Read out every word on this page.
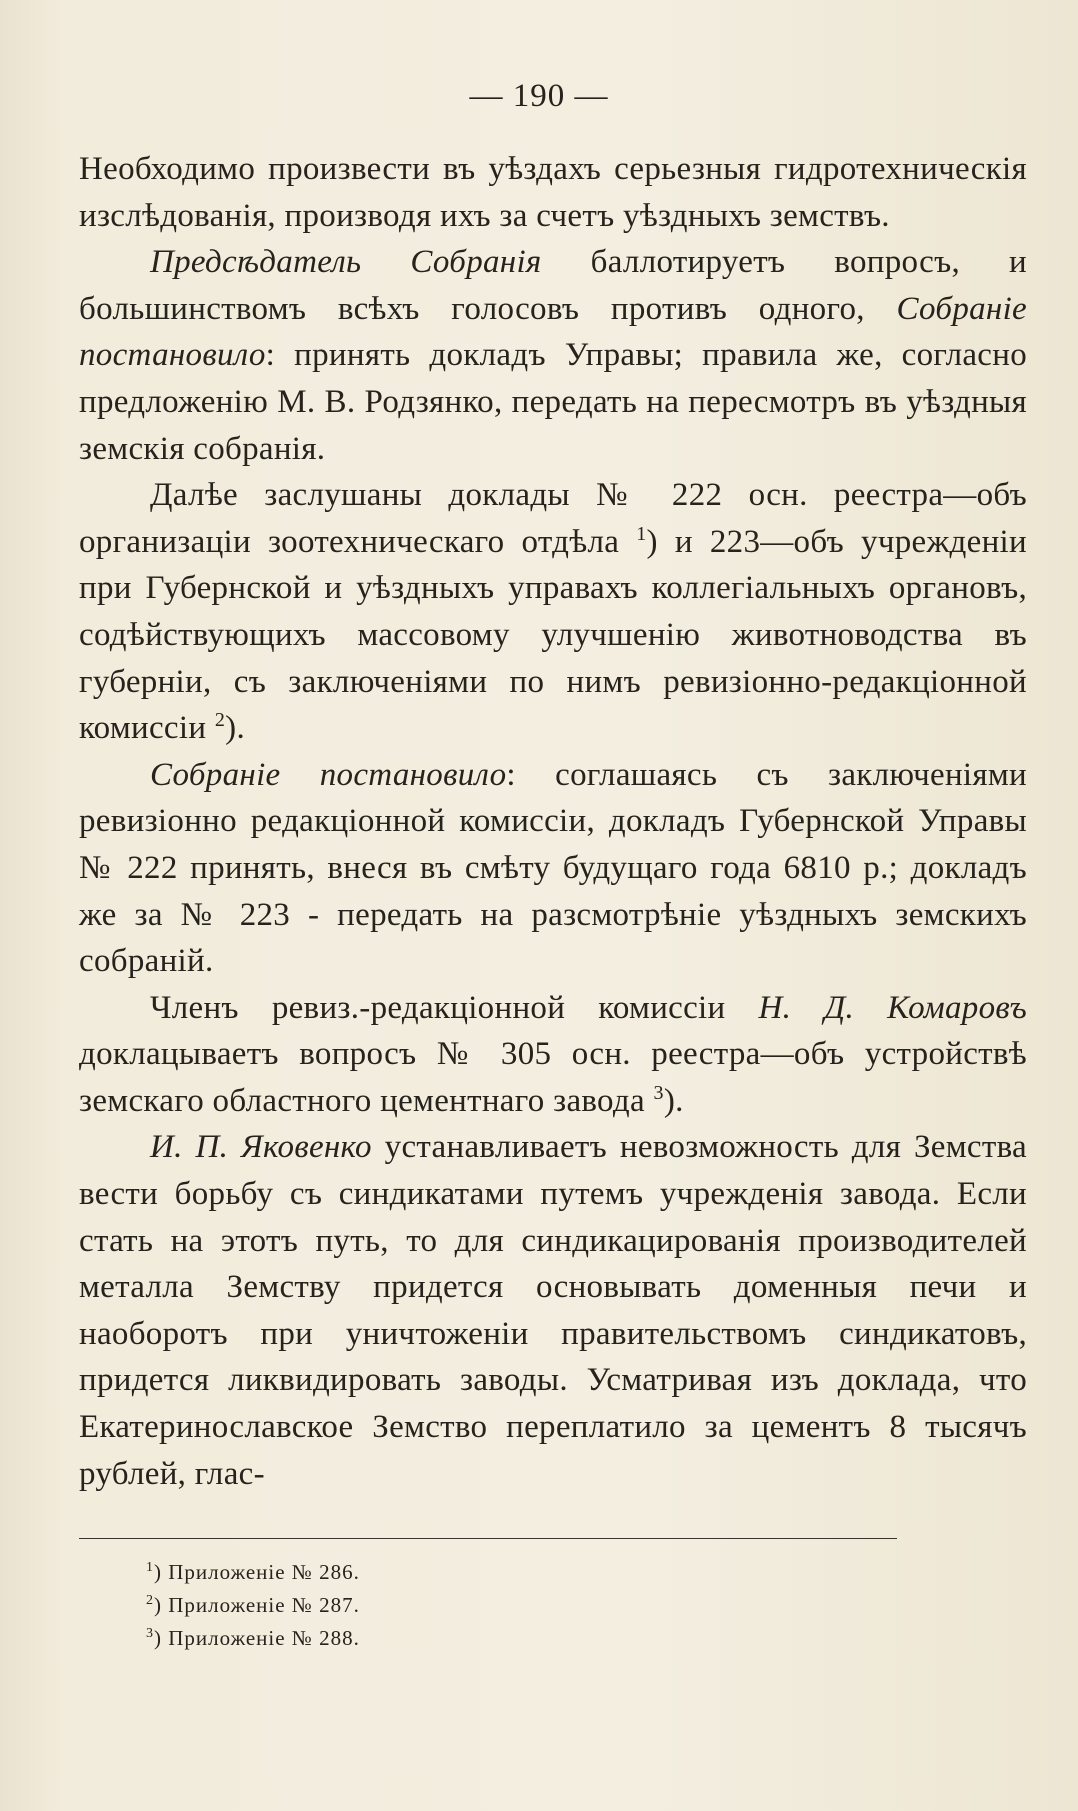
— 190 —

Необходимо произвести въ уѣздахъ серьезныя гидротехническія изслѣдованія, производя ихъ за счетъ уѣздныхъ земствъ.

Предсѣдатель Собранія баллотируетъ вопросъ, и большинствомъ всѣхъ голосовъ противъ одного, Собраніе постановило: принять докладъ Управы; правила же, согласно предложенію М. В. Родзянко, передать на пересмотръ въ уѣздныя земскія собранія.

Далѣе заслушаны доклады № 222 осн. реестра—объ организаціи зоотехническаго отдѣла $^1$) и 223—объ учрежденіи при Губернской и уѣздныхъ управахъ коллегіальныхъ органовъ, содѣйствующихъ массовому улучшенію животноводства въ губерніи, съ заключеніями по нимъ ревизіонно-редакціонной комиссіи $^2$).

Собраніе постановило: соглашаясь съ заключеніями ревизіонно редакціонной комиссіи, докладъ Губернской Управы № 222 принять, внеся въ смѣту будущаго года 6810 р.; докладъ же за № 223 - передать на разсмотрѣніе уѣздныхъ земскихъ собраній.

Членъ ревиз.-редакціонной комиссіи Н. Д. Комаровъ доклацываетъ вопросъ № 305 осн. реестра—объ устройствѣ земскаго областного цементнаго завода $^3$).

И. П. Яковенко устанавливаетъ невозможность для Земства вести борьбу съ синдикатами путемъ учрежденія завода. Если стать на этотъ путь, то для синдикацированія производителей металла Земству придется основывать доменныя печи и наоборотъ при уничтоженіи правительствомъ синдикатовъ, придется ликвидировать заводы. Усматривая изъ доклада, что Екатеринославское Земство переплатило за цементъ 8 тысячъ рублей, глас-

$^1$) Приложеніе № 286.
$^2$) Приложеніе № 287.
$^3$) Приложеніе № 288.
